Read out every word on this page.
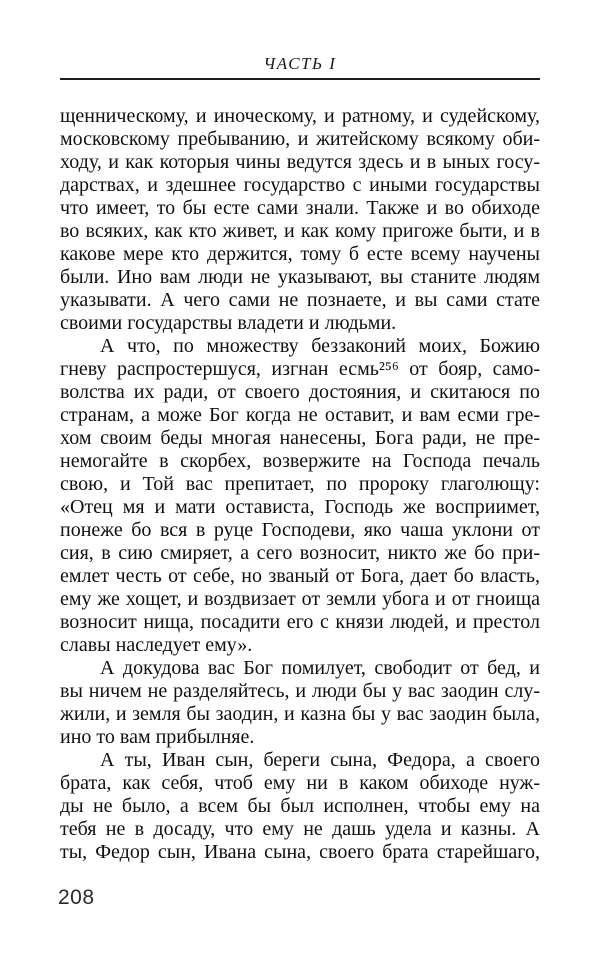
ЧАСТЬ I
щенническому, и иноческому, и ратному, и судейскому,
московскому пребыванию, и житейскому всякому оби-
ходу, и как которыя чины ведутся здесь и в ыных госу-
дарствах, и здешнее государство с иными государствы
что имеет, то бы есте сами знали. Также и во обиходе
во всяких, как кто живет, и как кому пригоже быти, и в
какове мере кто держится, тому б есте всему научены
были. Ино вам люди не указывают, вы станите людям
указывати. А чего сами не познаете, и вы сами стате
своими государствы владети и людьми.
А что, по множеству беззаконий моих, Божию
гневу распростершуся, изгнан есмь²⁵⁶ от бояр, само-
волства их ради, от своего достояния, и скитаюся по
странам, а може Бог когда не оставит, и вам есми гре-
хом своим беды многая нанесены, Бога ради, не пре-
немогайте в скорбех, возвержите на Господа печаль
свою, и Той вас препитает, по пророку глаголющу:
«Отец мя и мати остависта, Господь же восприимет,
понеже бо вся в руце Господеви, яко чаша уклони от
сия, в сию смиряет, а сего возносит, никто же бо при-
емлет честь от себе, но званый от Бога, дает бо власть,
ему же хощет, и воздвизает от земли убога и от гноища
возносит нища, посадити его с князи людей, и престол
славы наследует ему».
А докудова вас Бог помилует, свободит от бед, и
вы ничем не разделяйтесь, и люди бы у вас заодин слу-
жили, и земля бы заодин, и казна бы у вас заодин была,
ино то вам прибылняе.
А ты, Иван сын, береги сына, Федора, а своего
брата, как себя, чтоб ему ни в каком обиходе нуж-
ды не было, а всем бы был исполнен, чтобы ему на
тебя не в досаду, что ему не дашь удела и казны. А
ты, Федор сын, Ивана сына, своего брата старейшаго,
208
